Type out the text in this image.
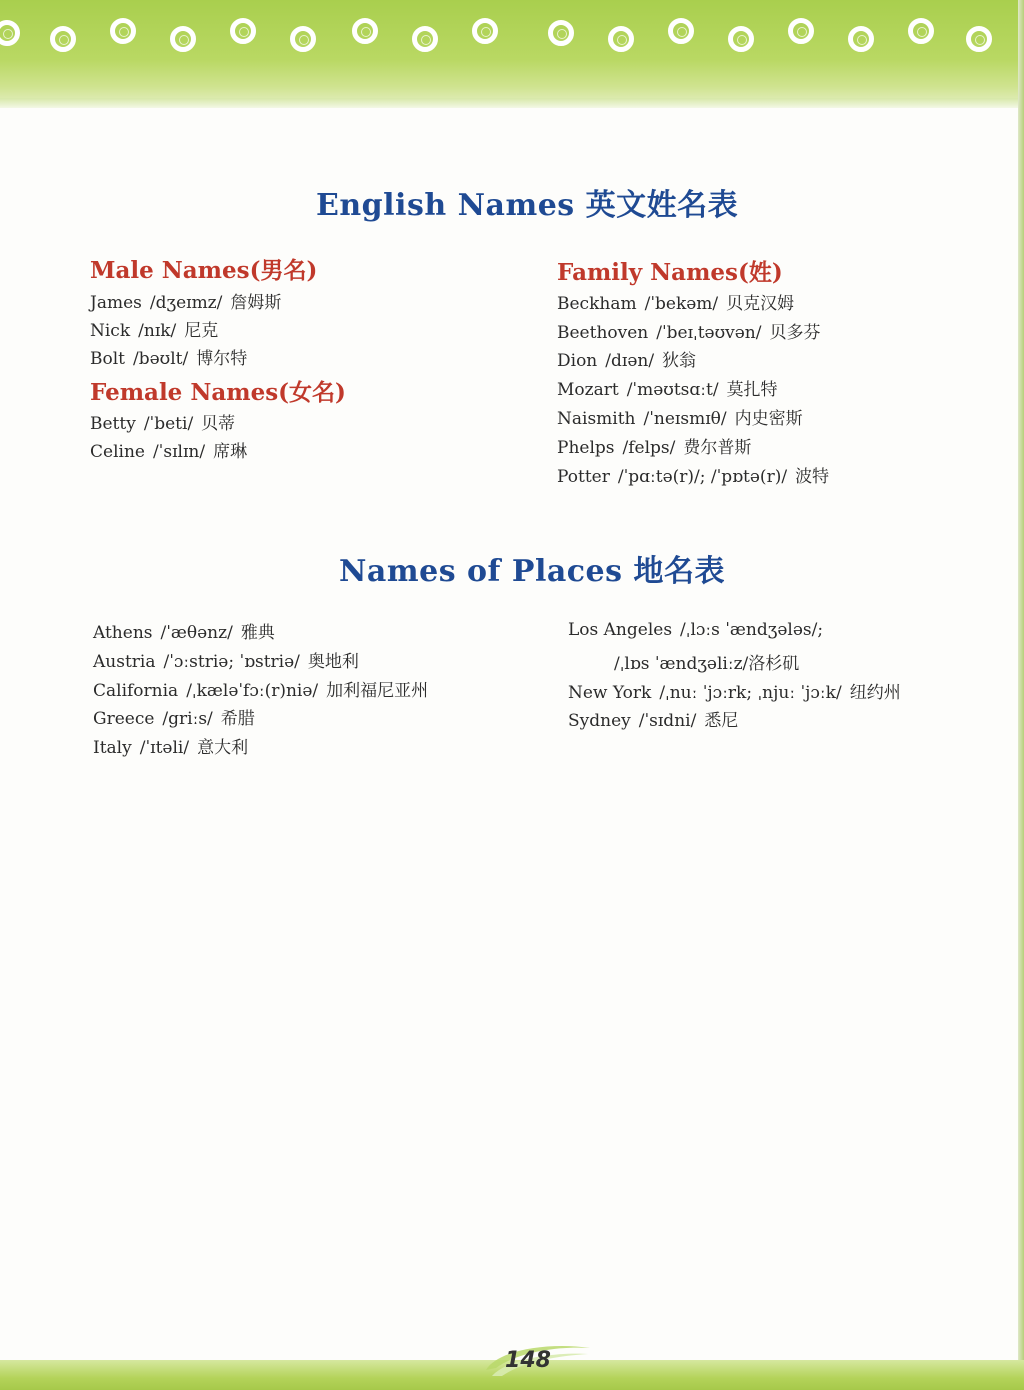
English Names 英文姓名表
Male Names(男名)
James /dʒeɪmz/ 詹姆斯
Nick /nɪk/ 尼克
Bolt /bəʊlt/ 博尔特
Female Names(女名)
Betty /ˈbeti/ 贝蒂
Celine /ˈsɪlɪn/ 席琳
Family Names(姓)
Beckham /ˈbekəm/ 贝克汉姆
Beethoven /ˈbeɪˌtəʊvən/ 贝多芬
Dion /dɪən/ 狄翁
Mozart /ˈməʊtsɑːt/ 莫扎特
Naismith /ˈneɪsmɪθ/ 内史密斯
Phelps /felps/ 费尔普斯
Potter /ˈpɑːtə(r)/; /ˈpɒtə(r)/ 波特
Names of Places 地名表
Athens /ˈæθənz/ 雅典
Austria /ˈɔːstriə; ˈɒstriə/ 奥地利
California /ˌkæləˈfɔː(r)niə/ 加利福尼亚州
Greece /griːs/ 希腊
Italy /ˈɪtəli/ 意大利
Los Angeles /ˌlɔːs ˈændʒələs/;
/ˌlɒs ˈændʒəliːz/洛杉矶
New York /ˌnuː ˈjɔːrk; ˌnjuː ˈjɔːk/ 纽约州
Sydney /ˈsɪdni/ 悉尼
148
